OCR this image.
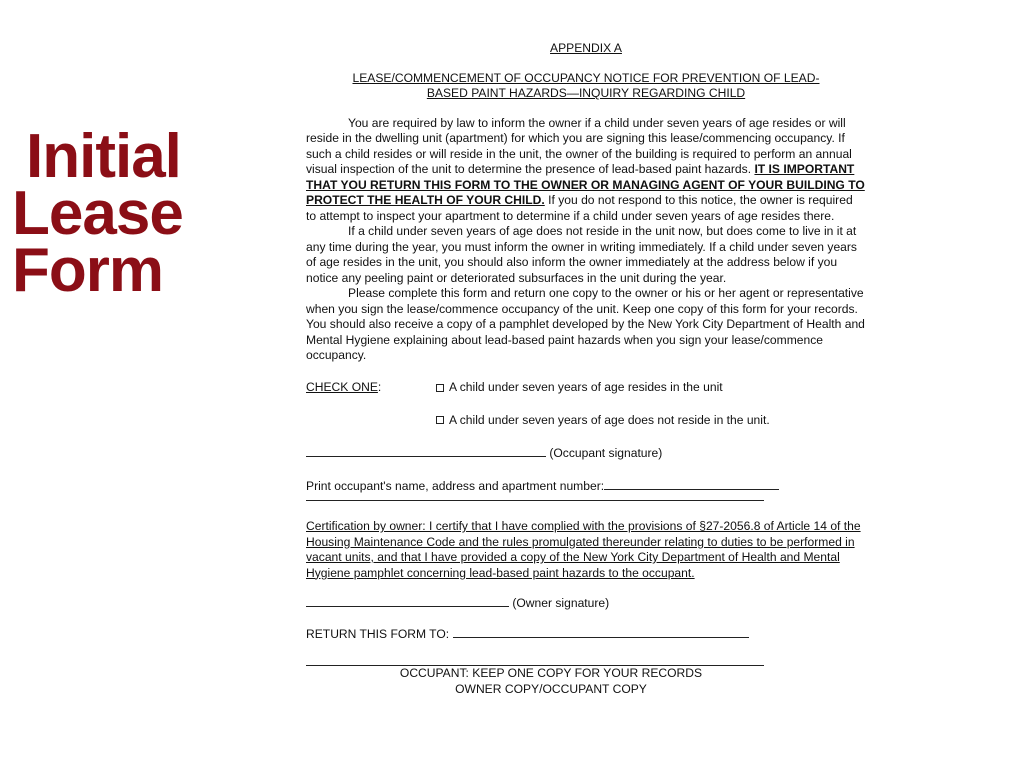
Initial
Lease
Form
APPENDIX A
LEASE/COMMENCEMENT OF OCCUPANCY NOTICE FOR PREVENTION OF LEAD-
BASED PAINT HAZARDS—INQUIRY REGARDING CHILD

You are required by law to inform the owner if a child under seven years of age resides or will reside in the dwelling unit (apartment) for which you are signing this lease/commencing occupancy. If such a child resides or will reside in the unit, the owner of the building is required to perform an annual visual inspection of the unit to determine the presence of lead-based paint hazards. IT IS IMPORTANT THAT YOU RETURN THIS FORM TO THE OWNER OR MANAGING AGENT OF YOUR BUILDING TO PROTECT THE HEALTH OF YOUR CHILD. If you do not respond to this notice, the owner is required to attempt to inspect your apartment to determine if a child under seven years of age resides there.

If a child under seven years of age does not reside in the unit now, but does come to live in it at any time during the year, you must inform the owner in writing immediately. If a child under seven years of age resides in the unit, you should also inform the owner immediately at the address below if you notice any peeling paint or deteriorated subsurfaces in the unit during the year.

Please complete this form and return one copy to the owner or his or her agent or representative when you sign the lease/commence occupancy of the unit. Keep one copy of this form for your records. You should also receive a copy of a pamphlet developed by the New York City Department of Health and Mental Hygiene explaining about lead-based paint hazards when you sign your lease/commence occupancy.

CHECK ONE:	A child under seven years of age resides in the unit
A child under seven years of age does not reside in the unit.
(Occupant signature)
Print occupant's name, address and apartment number:
Certification by owner: I certify that I have complied with the provisions of §27-2056.8 of Article 14 of the Housing Maintenance Code and the rules promulgated thereunder relating to duties to be performed in vacant units, and that I have provided a copy of the New York City Department of Health and Mental Hygiene pamphlet concerning lead-based paint hazards to the occupant.
(Owner signature)
RETURN THIS FORM TO:
OCCUPANT: KEEP ONE COPY FOR YOUR RECORDS
OWNER COPY/OCCUPANT COPY
